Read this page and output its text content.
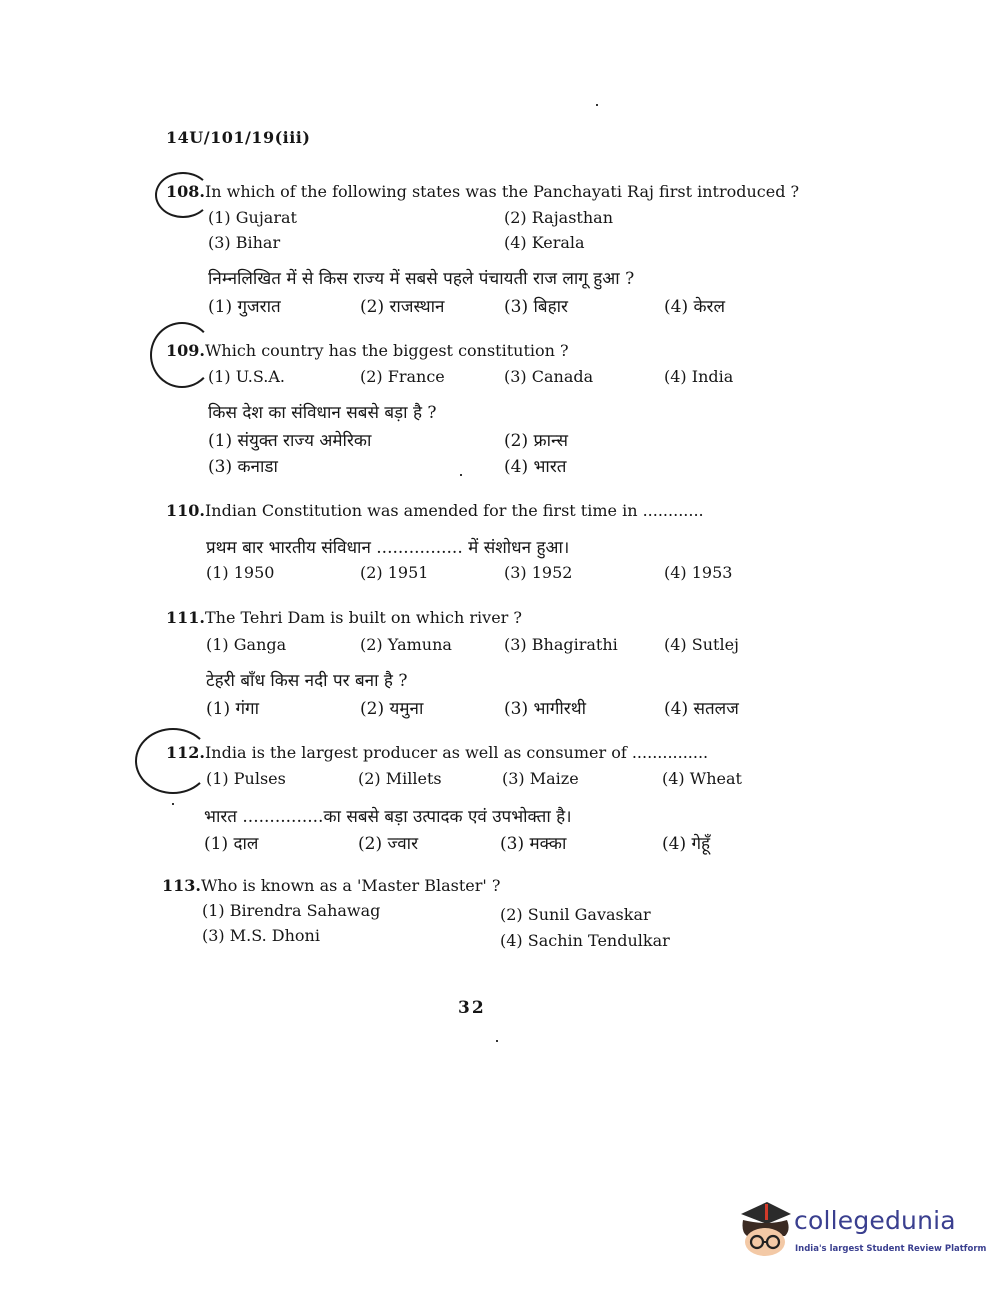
14U/101/19(iii)
108.In which of the following states was the Panchayati Raj first introduced ?
(1) Gujarat	(2) Rajasthan
(3) Bihar	(4) Kerala
निम्नलिखित में से किस राज्य में सबसे पहले पंचायती राज लागू हुआ ?
(1) गुजरात	(2) राजस्थान	(3) बिहार	(4) केरल
109.Which country has the biggest constitution ?
(1) U.S.A.	(2) France	(3) Canada	(4) India
किस देश का संविधान सबसे बड़ा है ?
(1) संयुक्त राज्य अमेरिका	(2) फ्रान्स
(3) कनाडा	(4) भारत
110.Indian Constitution was amended for the first time in ............
प्रथम बार भारतीय संविधान ................ में संशोधन हुआ।
(1) 1950	(2) 1951	(3) 1952	(4) 1953
111.The Tehri Dam is built on which river ?
(1) Ganga	(2) Yamuna	(3) Bhagirathi	(4) Sutlej
टेहरी बाँध किस नदी पर बना है ?
(1) गंगा	(2) यमुना	(3) भागीरथी	(4) सतलज
112.India is the largest producer as well as consumer of ...............
(1) Pulses	(2) Millets	(3) Maize	(4) Wheat
भारत ...............का सबसे बड़ा उत्पादक एवं उपभोक्ता है।
(1) दाल	(2) ज्वार	(3) मक्का	(4) गेहूँ
113.Who is known as a 'Master Blaster' ?
(1) Birendra Sahawag	(2) Sunil Gavaskar
(3) M.S. Dhoni	(4) Sachin Tendulkar
32
collegedunia
India's largest Student Review Platform
